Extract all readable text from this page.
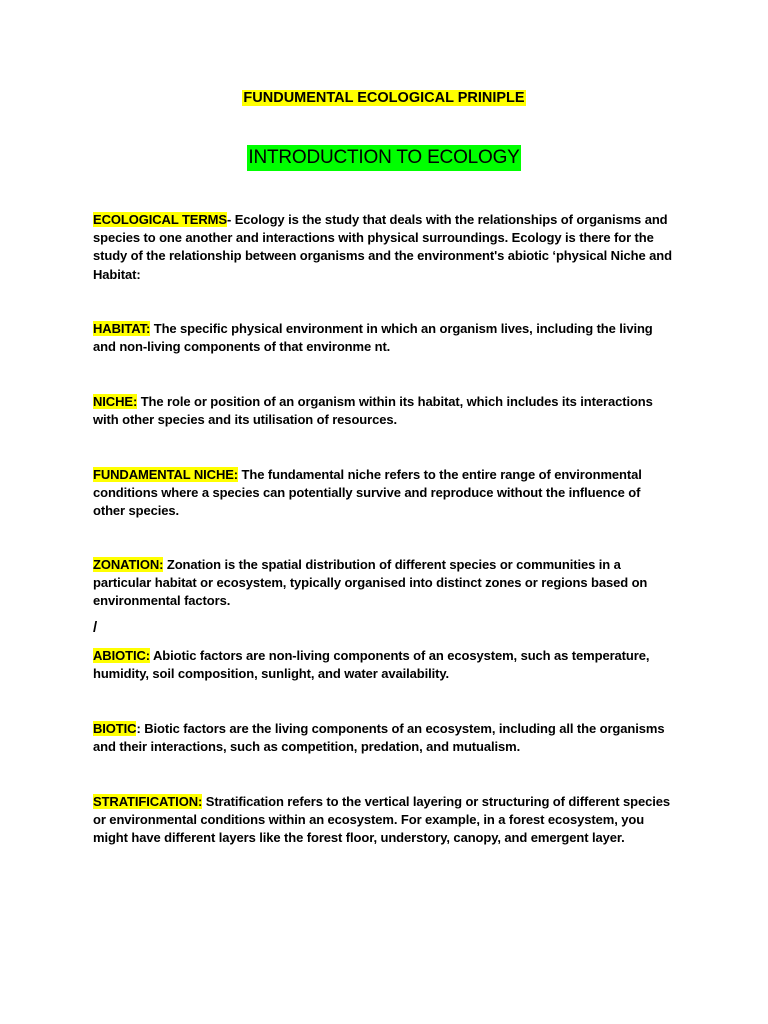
FUNDUMENTAL ECOLOGICAL PRINIPLE
INTRODUCTION TO ECOLOGY

ECOLOGICAL TERMS- Ecology is the study that deals with the relationships of organisms and species to one another and interactions with physical surroundings. Ecology is there for the study of the relationship between organisms and the environment's abiotic ‘physical Niche and Habitat:

HABITAT: The specific physical environment in which an organism lives, including the living and non-living components of that environme nt.

NICHE: The role or position of an organism within its habitat, which includes its interactions with other species and its utilisation of resources.

FUNDAMENTAL NICHE: The fundamental niche refers to the entire range of environmental conditions where a species can potentially survive and reproduce without the influence of other species.

ZONATION: Zonation is the spatial distribution of different species or communities in a particular habitat or ecosystem, typically organised into distinct zones or regions based on environmental factors.

/

ABIOTIC: Abiotic factors are non-living components of an ecosystem, such as temperature, humidity, soil composition, sunlight, and water availability.

BIOTIC: Biotic factors are the living components of an ecosystem, including all the organisms and their interactions, such as competition, predation, and mutualism.

STRATIFICATION: Stratification refers to the vertical layering or structuring of different species or environmental conditions within an ecosystem. For example, in a forest ecosystem, you might have different layers like the forest floor, understory, canopy, and emergent layer.
